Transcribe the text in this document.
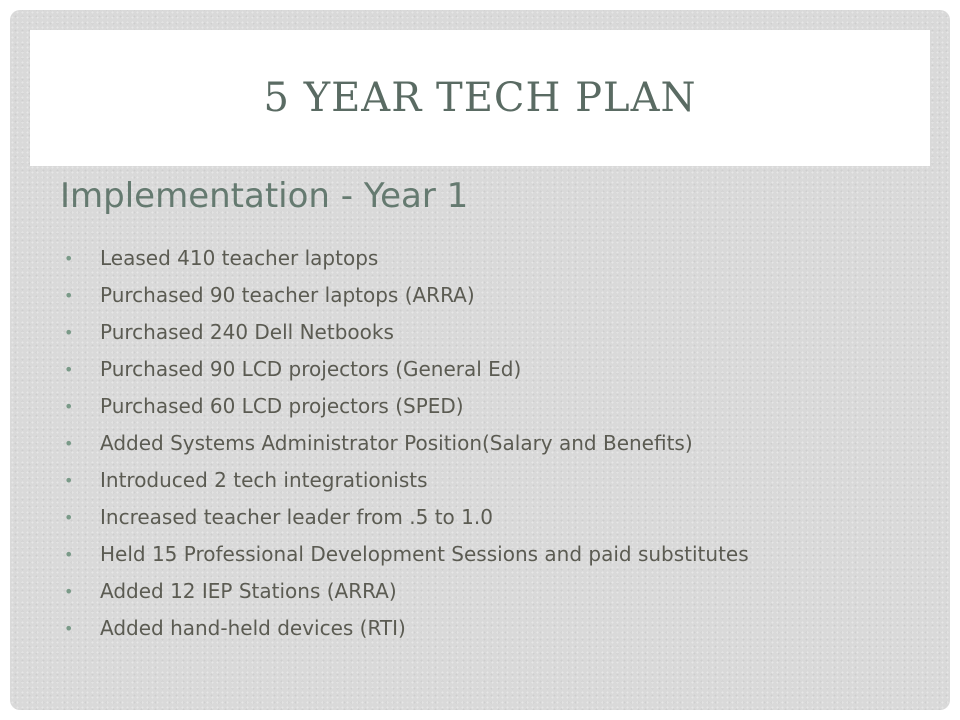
5 YEAR TECH PLAN
Implementation - Year 1
• Leased 410 teacher laptops
• Purchased 90 teacher laptops (ARRA)
• Purchased 240 Dell Netbooks
• Purchased 90 LCD projectors (General Ed)
• Purchased 60 LCD projectors (SPED)
• Added Systems Administrator Position(Salary and Benefits)
• Introduced 2 tech integrationists
• Increased teacher leader from .5 to 1.0
• Held 15 Professional Development Sessions and paid substitutes
• Added 12 IEP Stations (ARRA)
• Added hand-held devices (RTI)
